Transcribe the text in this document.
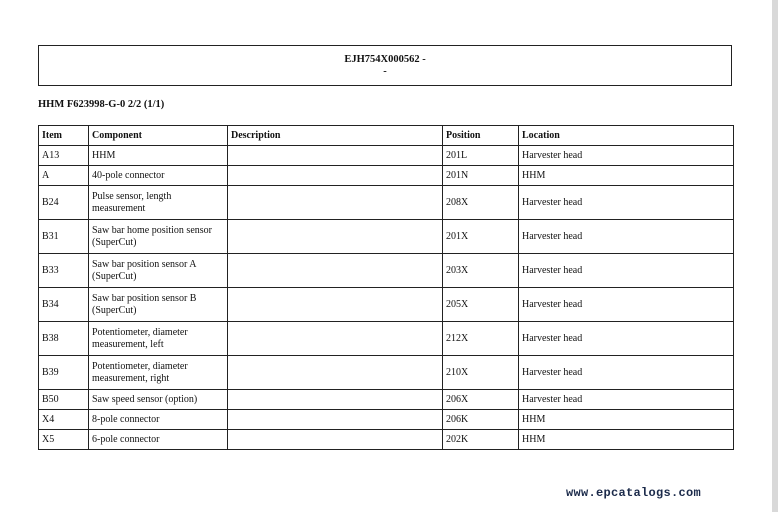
EJH754X000562 -
-
HHM F623998-G-0 2/2 (1/1)
Item	Component	Description	Position	Location
A13	HHM		201L	Harvester head
A	40-pole connector		201N	HHM
B24	Pulse sensor, length measurement		208X	Harvester head
B31	Saw bar home position sensor (SuperCut)		201X	Harvester head
B33	Saw bar position sensor A (SuperCut)		203X	Harvester head
B34	Saw bar position sensor B (SuperCut)		205X	Harvester head
B38	Potentiometer, diameter measurement, left		212X	Harvester head
B39	Potentiometer, diameter measurement, right		210X	Harvester head
B50	Saw speed sensor (option)		206X	Harvester head
X4	8-pole connector		206K	HHM
X5	6-pole connector		202K	HHM
www.epcatalogs.com
